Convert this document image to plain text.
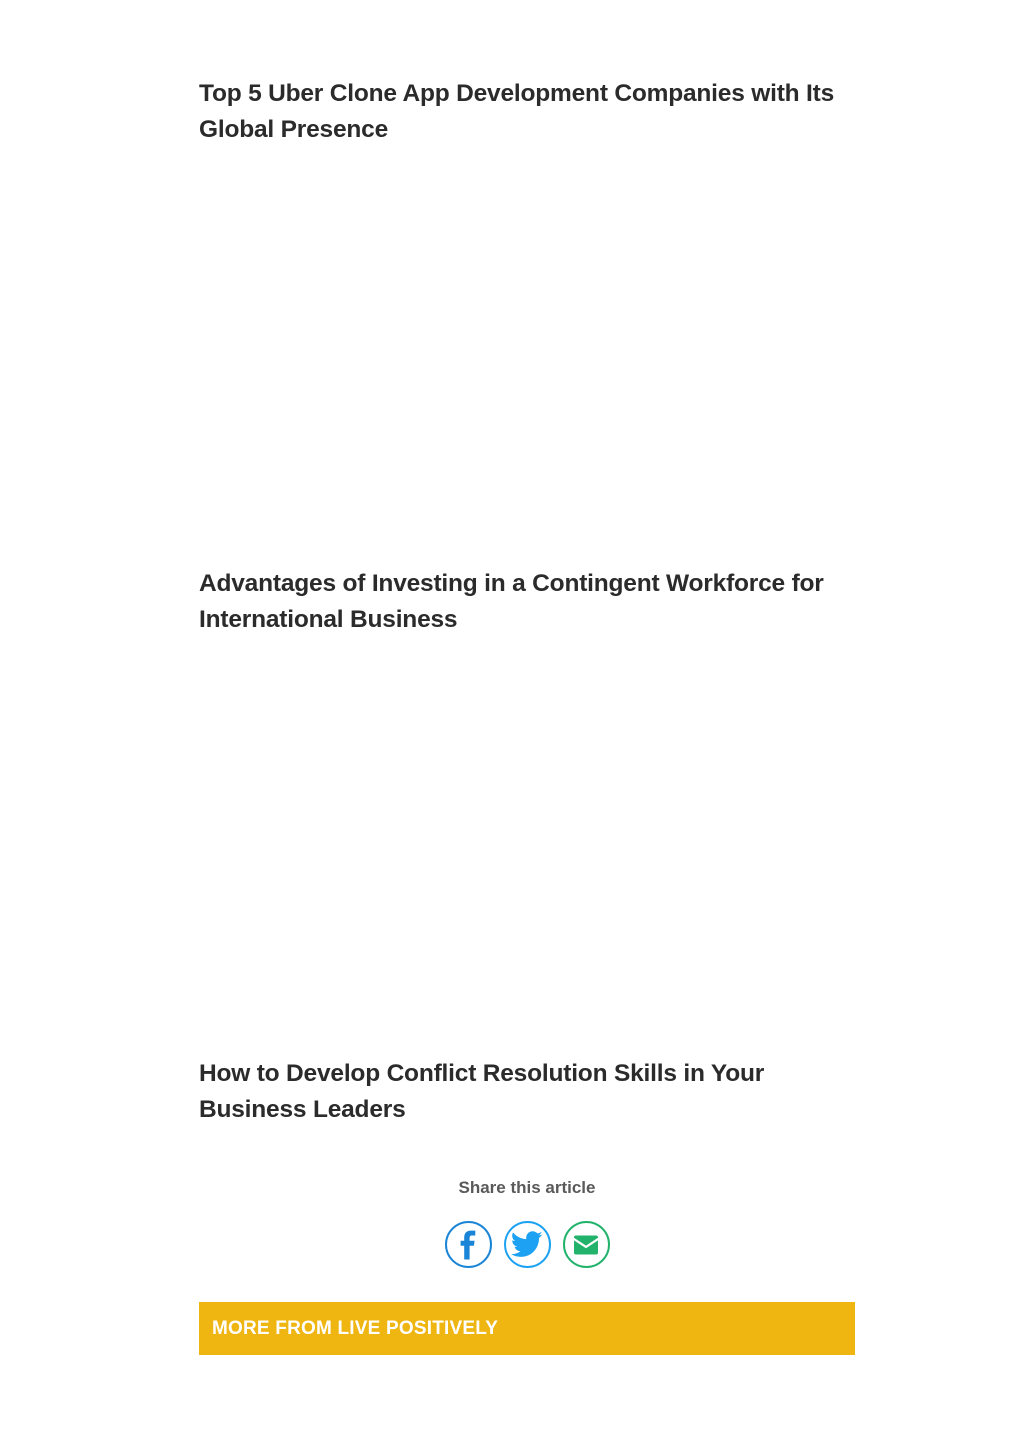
Top 5 Uber Clone App Development Companies with Its Global Presence
Advantages of Investing in a Contingent Workforce for International Business
How to Develop Conflict Resolution Skills in Your Business Leaders
Share this article
MORE FROM LIVE POSITIVELY
